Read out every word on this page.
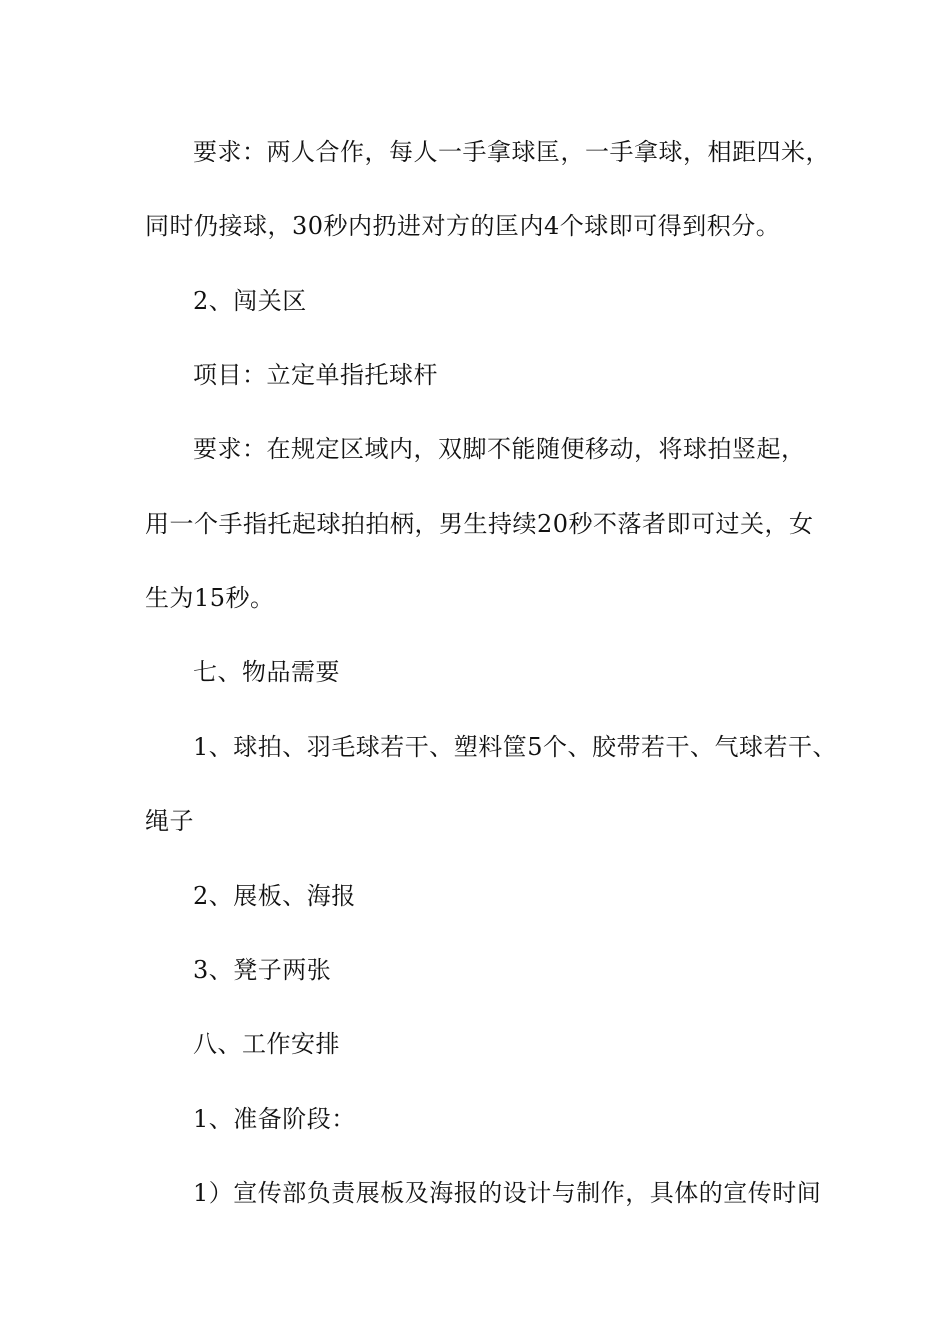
要求：两人合作，每人一手拿球匡，一手拿球，相距四米，
同时仍接球，30秒内扔进对方的匡内4个球即可得到积分。
2、闯关区
项目：立定单指托球杆
要求：在规定区域内，双脚不能随便移动，将球拍竖起，
用一个手指托起球拍拍柄，男生持续20秒不落者即可过关，女
生为15秒。
七、物品需要
1、球拍、羽毛球若干、塑料筐5个、胶带若干、气球若干、
绳子
2、展板、海报
3、凳子两张
八、工作安排
1、准备阶段：
1）宣传部负责展板及海报的设计与制作，具体的宣传时间
